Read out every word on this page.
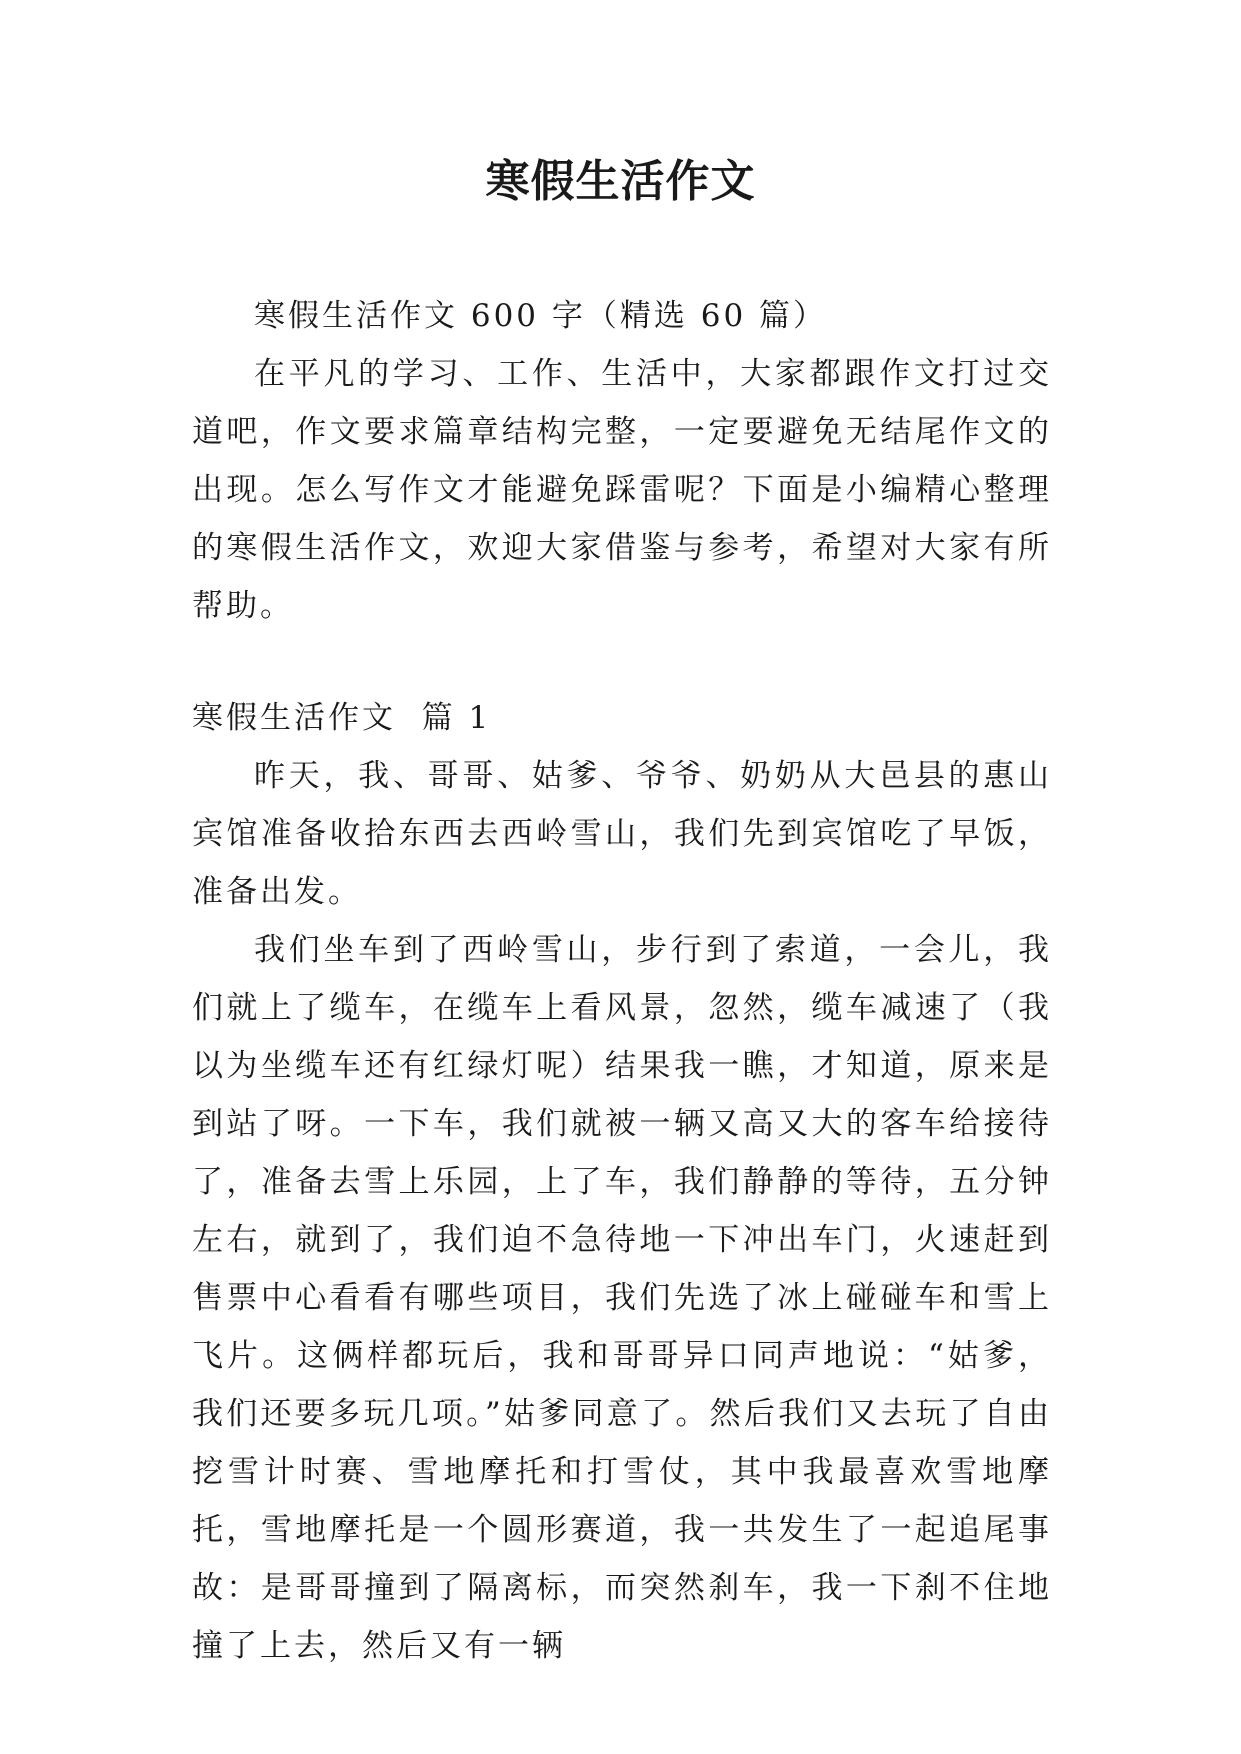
寒假生活作文

寒假生活作文 600 字（精选 60 篇）

在平凡的学习、工作、生活中，大家都跟作文打过交道吧，作文要求篇章结构完整，一定要避免无结尾作文的出现。怎么写作文才能避免踩雷呢？下面是小编精心整理的寒假生活作文，欢迎大家借鉴与参考，希望对大家有所帮助。

寒假生活作文  篇 1

昨天，我、哥哥、姑爹、爷爷、奶奶从大邑县的惠山宾馆准备收拾东西去西岭雪山，我们先到宾馆吃了早饭，准备出发。

我们坐车到了西岭雪山，步行到了索道，一会儿，我们就上了缆车，在缆车上看风景，忽然，缆车减速了（我以为坐缆车还有红绿灯呢）结果我一瞧，才知道，原来是到站了呀。一下车，我们就被一辆又高又大的客车给接待了，准备去雪上乐园，上了车，我们静静的等待，五分钟左右，就到了，我们迫不急待地一下冲出车门，火速赶到售票中心看看有哪些项目，我们先选了冰上碰碰车和雪上飞片。这俩样都玩后，我和哥哥异口同声地说：“姑爹，我们还要多玩几项。”姑爹同意了。然后我们又去玩了自由挖雪计时赛、雪地摩托和打雪仗，其中我最喜欢雪地摩托，雪地摩托是一个圆形赛道，我一共发生了一起追尾事故：是哥哥撞到了隔离标，而突然刹车，我一下刹不住地撞了上去，然后又有一辆
